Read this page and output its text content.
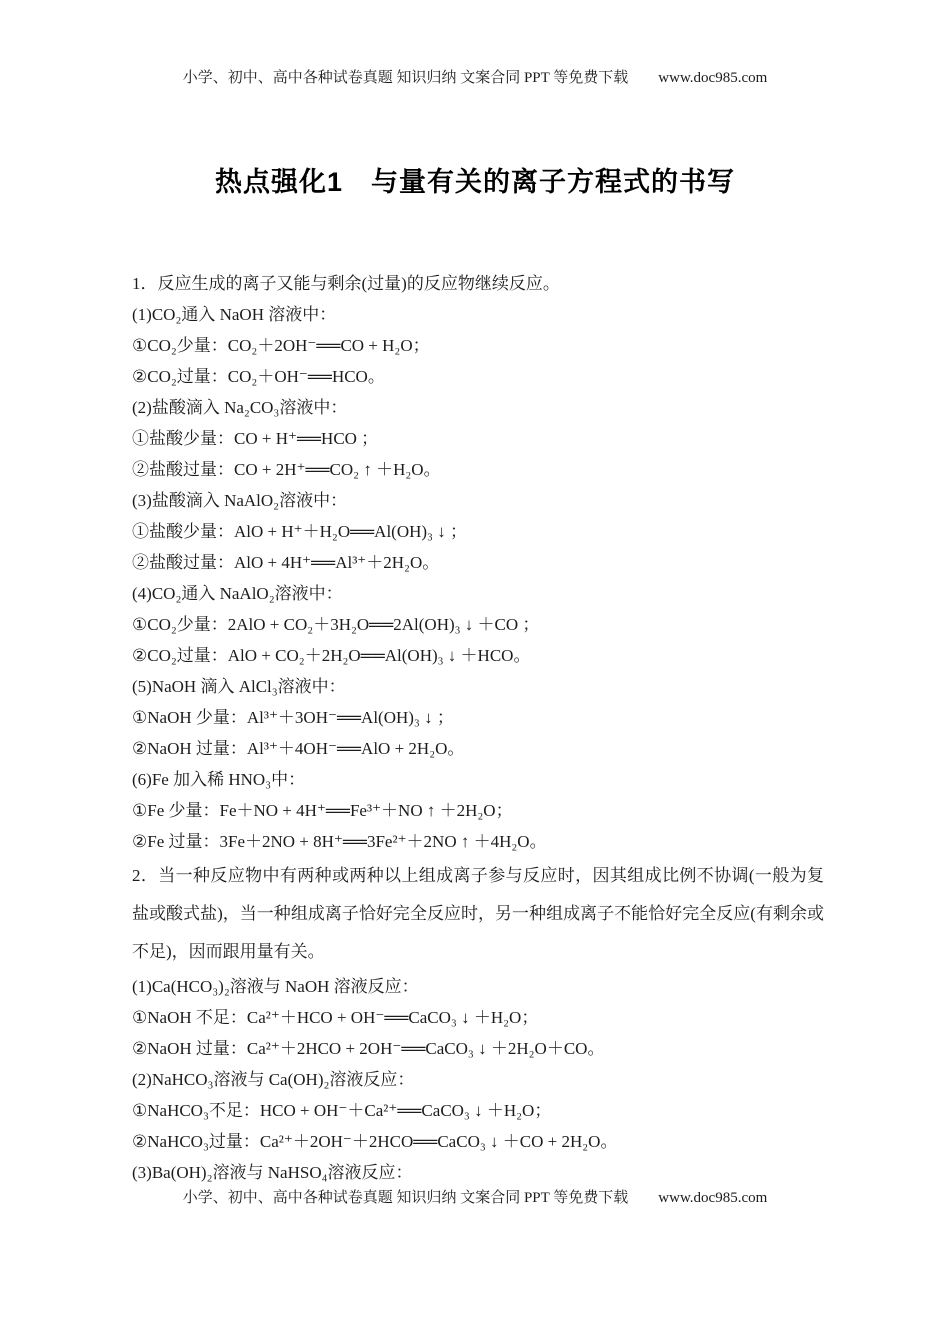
小学、初中、高中各种试卷真题 知识归纳 文案合同 PPT 等免费下载 www.doc985.com
热点强化1　与量有关的离子方程式的书写
1．反应生成的离子又能与剩余(过量)的反应物继续反应。
(1)CO₂通入 NaOH 溶液中：
①CO₂少量：CO₂＋2OH⁻══CO + H₂O；
②CO₂过量：CO₂＋OH⁻══HCO。
(2)盐酸滴入 Na₂CO₃溶液中：
①盐酸少量：CO + H⁺══HCO ；
②盐酸过量：CO + 2H⁺══CO₂ ↑ ＋H₂O。
(3)盐酸滴入 NaAlO₂溶液中：
①盐酸少量：AlO + H⁺＋H₂O══Al(OH)₃ ↓ ；
②盐酸过量：AlO + 4H⁺══Al³⁺＋2H₂O。
(4)CO₂通入 NaAlO₂溶液中：
①CO₂少量：2AlO + CO₂＋3H₂O══2Al(OH)₃ ↓ ＋CO ；
②CO₂过量：AlO + CO₂＋2H₂O══Al(OH)₃ ↓ ＋HCO。
(5)NaOH 滴入 AlCl₃溶液中：
①NaOH 少量：Al³⁺＋3OH⁻══Al(OH)₃ ↓ ；
②NaOH 过量：Al³⁺＋4OH⁻══AlO + 2H₂O。
(6)Fe 加入稀 HNO₃中：
①Fe 少量：Fe＋NO + 4H⁺══Fe³⁺＋NO ↑ ＋2H₂O；
②Fe 过量：3Fe＋2NO + 8H⁺══3Fe²⁺＋2NO ↑ ＋4H₂O。
2．当一种反应物中有两种或两种以上组成离子参与反应时，因其组成比例不协调(一般为复盐或酸式盐)，当一种组成离子恰好完全反应时，另一种组成离子不能恰好完全反应(有剩余或不足)，因而跟用量有关。
(1)Ca(HCO₃)₂溶液与 NaOH 溶液反应：
①NaOH 不足：Ca²⁺＋HCO + OH⁻══CaCO₃ ↓ ＋H₂O；
②NaOH 过量：Ca²⁺＋2HCO + 2OH⁻══CaCO₃ ↓ ＋2H₂O＋CO。
(2)NaHCO₃溶液与 Ca(OH)₂溶液反应：
①NaHCO₃不足：HCO + OH⁻＋Ca²⁺══CaCO₃ ↓ ＋H₂O；
②NaHCO₃过量：Ca²⁺＋2OH⁻＋2HCO══CaCO₃ ↓ ＋CO + 2H₂O。
(3)Ba(OH)₂溶液与 NaHSO₄溶液反应：
小学、初中、高中各种试卷真题 知识归纳 文案合同 PPT 等免费下载 www.doc985.com
